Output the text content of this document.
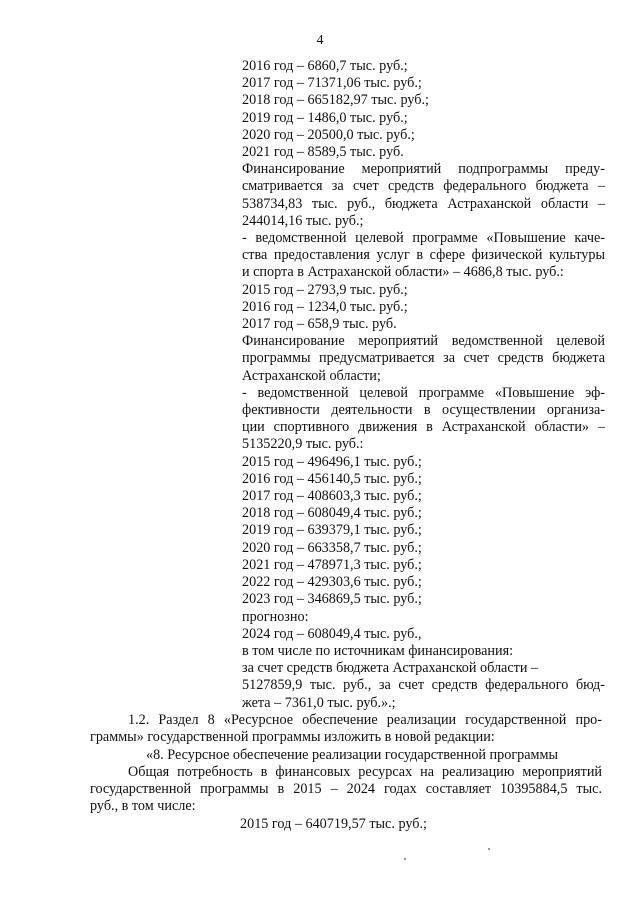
4
2016 год – 6860,7 тыс. руб.;
2017 год – 71371,06 тыс. руб.;
2018 год – 665182,97 тыс. руб.;
2019 год – 1486,0 тыс. руб.;
2020 год – 20500,0 тыс. руб.;
2021 год – 8589,5 тыс. руб.
Финансирование мероприятий подпрограммы преду-
сматривается за счет средств федерального бюджета –
538734,83 тыс. руб., бюджета Астраханской области –
244014,16 тыс. руб.;
- ведомственной целевой программе «Повышение каче-
ства предоставления услуг в сфере физической культуры
и спорта в Астраханской области» – 4686,8 тыс. руб.:
2015 год – 2793,9 тыс. руб.;
2016 год – 1234,0 тыс. руб.;
2017 год – 658,9 тыс. руб.
Финансирование мероприятий ведомственной целевой
программы предусматривается за счет средств бюджета
Астраханской области;
- ведомственной целевой программе «Повышение эф-
фективности деятельности в осуществлении организа-
ции спортивного движения в Астраханской области» –
5135220,9 тыс. руб.:
2015 год – 496496,1 тыс. руб.;
2016 год – 456140,5 тыс. руб.;
2017 год – 408603,3 тыс. руб.;
2018 год – 608049,4 тыс. руб.;
2019 год – 639379,1 тыс. руб.;
2020 год – 663358,7 тыс. руб.;
2021 год – 478971,3 тыс. руб.;
2022 год – 429303,6 тыс. руб.;
2023 год – 346869,5 тыс. руб.;
прогнозно:
2024 год – 608049,4 тыс. руб.,
в том числе по источникам финансирования:
за счет средств бюджета Астраханской области –
5127859,9 тыс. руб., за счет средств федерального бюд-
жета – 7361,0 тыс. руб.».;
1.2. Раздел 8 «Ресурсное обеспечение реализации государственной про-
граммы» государственной программы изложить в новой редакции:
«8. Ресурсное обеспечение реализации государственной программы
Общая потребность в финансовых ресурсах на реализацию мероприятий
государственной программы в 2015 – 2024 годах составляет 10395884,5 тыс.
руб., в том числе:
2015 год – 640719,57 тыс. руб.;
